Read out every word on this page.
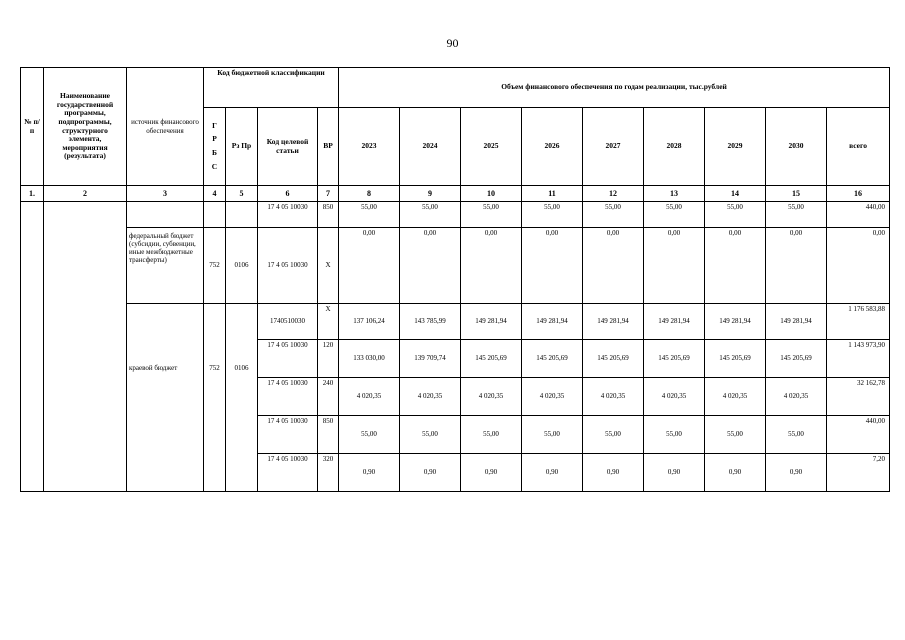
90
№ п/п	Наименование государственной программы, подпрограммы, структурного элемента, мероприятия (результата)	источник финансового обеспечения	Код бюджетной классификации				Объем финансового обеспечения по годам реализации, тыс.рублей								

			Г
Р
Б
С	Рз Пр	Код целевой статьи	ВР	2023	2024	2025	2026	2027	2028	2029	2030	всего
1.	2	3	4	5	6	7	8	9	10	11	12	13	14	15	16
					17 4 05 10030	850	55,00	55,00	55,00	55,00	55,00	55,00	55,00	55,00	440,00
		федеральный бюджет (субсидии, субвенции, иные межбюджетные трансферты)	752	0106	17 4 05 10030	Х	0,00	0,00	0,00	0,00	0,00	0,00	0,00	0,00	0,00
		краевой бюджет	752	0106	1740510030	Х	137 106,24	143 785,99	149 281,94	149 281,94	149 281,94	149 281,94	149 281,94	149 281,94	1 176 583,88
					17 4 05 10030	120	133 030,00	139 709,74	145 205,69	145 205,69	145 205,69	145 205,69	145 205,69	145 205,69	1 143 973,90
					17 4 05 10030	240	4 020,35	4 020,35	4 020,35	4 020,35	4 020,35	4 020,35	4 020,35	4 020,35	32 162,78
					17 4 05 10030	850	55,00	55,00	55,00	55,00	55,00	55,00	55,00	55,00	440,00
					17 4 05 10030	320	0,90	0,90	0,90	0,90	0,90	0,90	0,90	0,90	7,20
